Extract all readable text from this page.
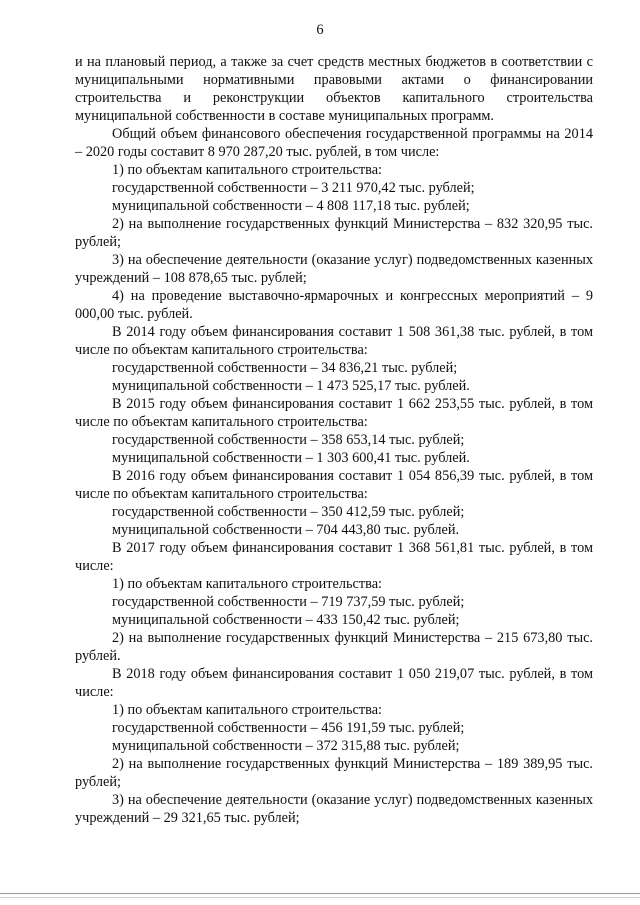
6

и на плановый период, а также за счет средств местных бюджетов в соответствии с муниципальными нормативными правовыми актами о финансировании строительства и реконструкции объектов капитального строительства муниципальной собственности в составе муниципальных программ.

Общий объем финансового обеспечения государственной программы на 2014 – 2020 годы составит 8 970 287,20 тыс. рублей, в том числе:

1) по объектам капитального строительства:

государственной собственности – 3 211 970,42 тыс. рублей;

муниципальной собственности – 4 808 117,18 тыс. рублей;

2) на выполнение государственных функций Министерства – 832 320,95 тыс. рублей;

3) на обеспечение деятельности (оказание услуг) подведомственных казенных учреждений – 108 878,65 тыс. рублей;

4) на проведение выставочно-ярмарочных и конгрессных мероприятий – 9 000,00 тыс. рублей.

В 2014 году объем финансирования составит 1 508 361,38 тыс. рублей, в том числе по объектам капитального строительства:

государственной собственности – 34 836,21 тыс. рублей;

муниципальной собственности – 1 473 525,17 тыс. рублей.

В 2015 году объем финансирования составит 1 662 253,55 тыс. рублей, в том числе по объектам капитального строительства:

государственной собственности – 358 653,14 тыс. рублей;

муниципальной собственности – 1 303 600,41 тыс. рублей.

В 2016 году объем финансирования составит 1 054 856,39 тыс. рублей, в том числе по объектам капитального строительства:

государственной собственности – 350 412,59 тыс. рублей;

муниципальной собственности – 704 443,80 тыс. рублей.

В 2017 году объем финансирования составит 1 368 561,81 тыс. рублей, в том числе:

1) по объектам капитального строительства:

государственной собственности – 719 737,59 тыс. рублей;

муниципальной собственности – 433 150,42 тыс. рублей;

2) на выполнение государственных функций Министерства – 215 673,80 тыс. рублей.

В 2018 году объем финансирования составит 1 050 219,07 тыс. рублей, в том числе:

1) по объектам капитального строительства:

государственной собственности – 456 191,59 тыс. рублей;

муниципальной собственности – 372 315,88 тыс. рублей;

2) на выполнение государственных функций Министерства – 189 389,95 тыс. рублей;

3) на обеспечение деятельности (оказание услуг) подведомственных казенных учреждений – 29 321,65 тыс. рублей;
